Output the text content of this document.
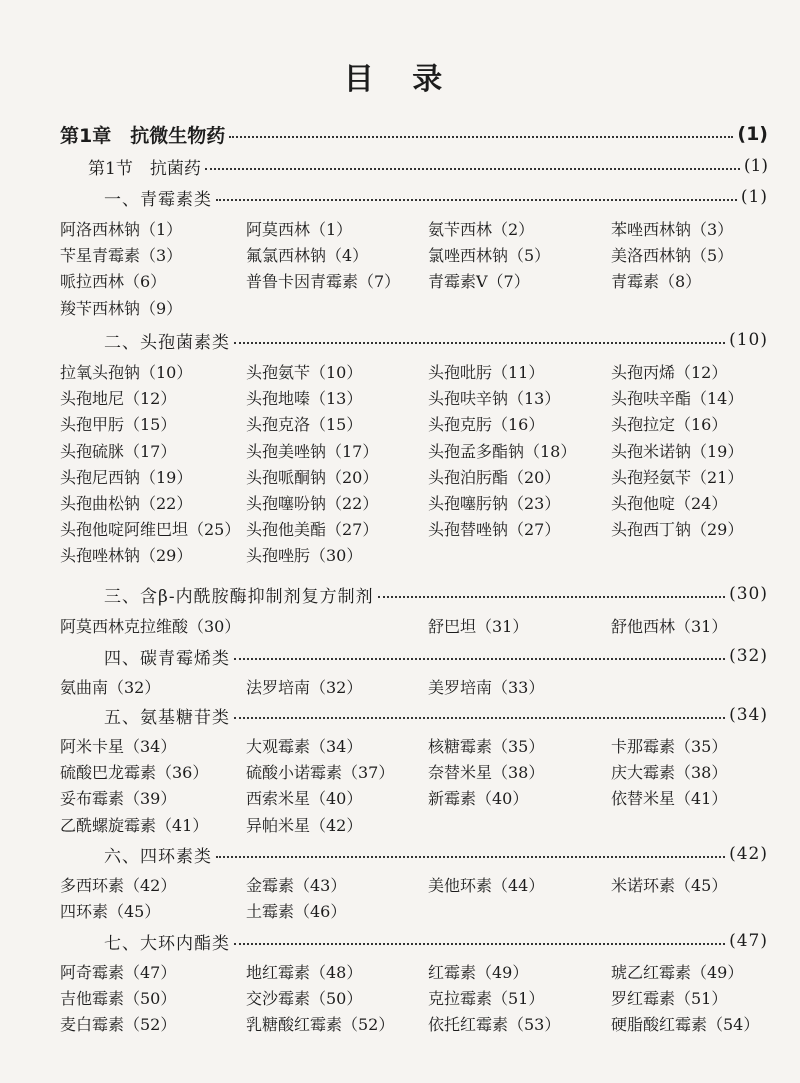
目 录
第1章　抗微生物药	(1)
第1节　抗菌药	(1)
一、青霉素类	(1)
阿洛西林钠（1）	阿莫西林（1）	氨苄西林（2）	苯唑西林钠（3）
苄星青霉素（3）	氟氯西林钠（4）	氯唑西林钠（5）	美洛西林钠（5）
哌拉西林（6）	普鲁卡因青霉素（7） 青霉素Ⅴ（7）	青霉素（8）
羧苄西林钠（9）
二、头孢菌素类	(10)
拉氧头孢钠（10）	头孢氨苄（10）	头孢吡肟（11）	头孢丙烯（12）
头孢地尼（12）	头孢地嗪（13）	头孢呋辛钠（13）	头孢呋辛酯（14）
头孢甲肟（15）	头孢克洛（15）	头孢克肟（16）	头孢拉定（16）
头孢硫脒（17）	头孢美唑钠（17）	头孢孟多酯钠（18） 头孢米诺钠（19）
头孢尼西钠（19）	头孢哌酮钠（20）	头孢泊肟酯（20）	头孢羟氨苄（21）
头孢曲松钠（22）	头孢噻吩钠（22）	头孢噻肟钠（23）	头孢他啶（24）
头孢他啶阿维巴坦（25） 头孢他美酯（27）	头孢替唑钠（27）	头孢西丁钠（29）
头孢唑林钠（29）	头孢唑肟（30）
三、含β-内酰胺酶抑制剂复方制剂	(30)
阿莫西林克拉维酸（30）	舒巴坦（31）	舒他西林（31）
四、碳青霉烯类	(32)
氨曲南（32）	法罗培南（32）	美罗培南（33）
五、氨基糖苷类	(34)
阿米卡星（34）	大观霉素（34）	核糖霉素（35）	卡那霉素（35）
硫酸巴龙霉素（36） 硫酸小诺霉素（37） 奈替米星（38）	庆大霉素（38）
妥布霉素（39）	西索米星（40）	新霉素（40）	依替米星（41）
乙酰螺旋霉素（41） 异帕米星（42）
六、四环素类	(42)
多西环素（42）	金霉素（43）	美他环素（44）	米诺环素（45）
四环素（45）	土霉素（46）
七、大环内酯类	(47)
阿奇霉素（47）	地红霉素（48）	红霉素（49）	琥乙红霉素（49）
吉他霉素（50）	交沙霉素（50）	克拉霉素（51）	罗红霉素（51）
麦白霉素（52）	乳糖酸红霉素（52） 依托红霉素（53）	硬脂酸红霉素（54）
